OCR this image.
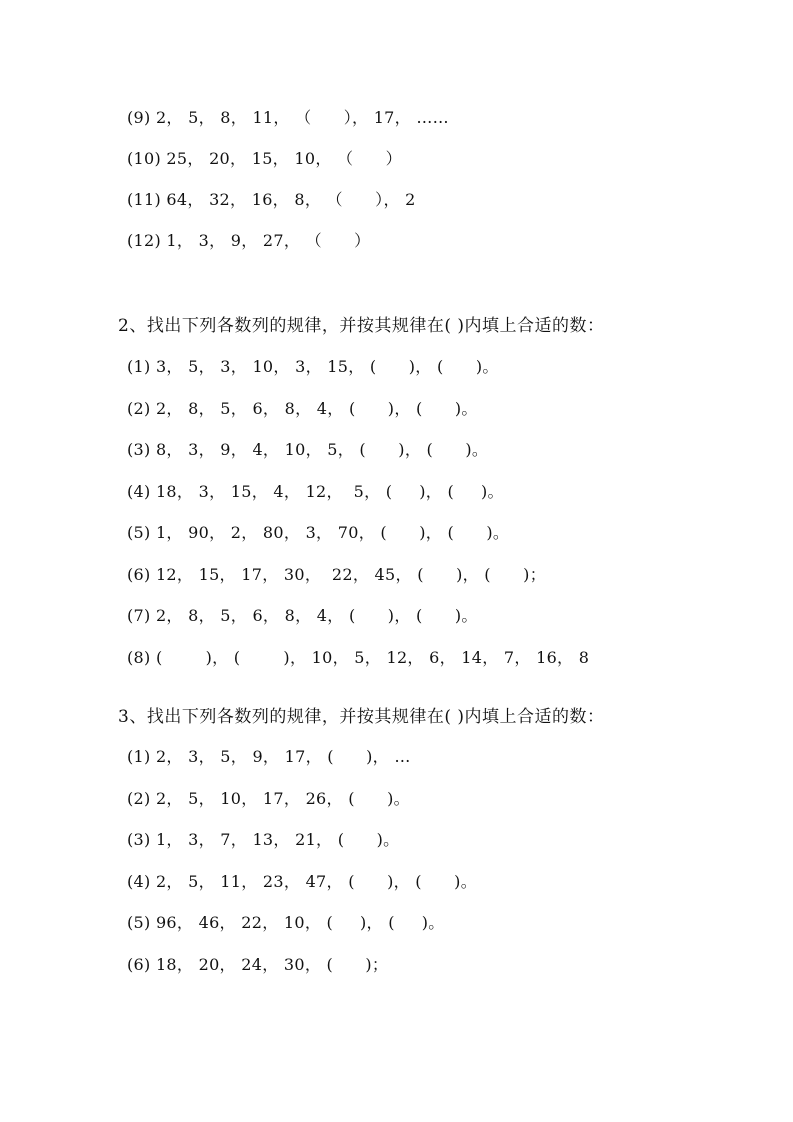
(9) 2， 5， 8， 11， （      ）， 17， ……
(10) 25， 20， 15， 10， （      ）
(11) 64， 32， 16， 8， （      ）， 2
(12) 1， 3， 9， 27， （      ）
2、找出下列各数列的规律，并按其规律在( )内填上合适的数：
(1) 3， 5， 3， 10， 3， 15， (      )， (      )。
(2) 2， 8， 5， 6， 8， 4， (      )， (      )。
(3) 8， 3， 9， 4， 10， 5， (      )， (      )。
(4) 18， 3， 15， 4， 12，  5， (     )， (     )。
(5) 1， 90， 2， 80， 3， 70， (      )， (      )。
(6) 12， 15， 17， 30，  22， 45， (      )， (      )；
(7) 2， 8， 5， 6， 8， 4， (      )， (      )。
(8) (        )， (        )， 10， 5， 12， 6， 14， 7， 16， 8
3、找出下列各数列的规律，并按其规律在( )内填上合适的数：
(1) 2， 3， 5， 9， 17， (      )， …
(2) 2， 5， 10， 17， 26， (      )。
(3) 1， 3， 7， 13， 21， (      )。
(4) 2， 5， 11， 23， 47， (      )， (      )。
(5) 96， 46， 22， 10， (     )， (     )。
(6) 18， 20， 24， 30， (      )；
